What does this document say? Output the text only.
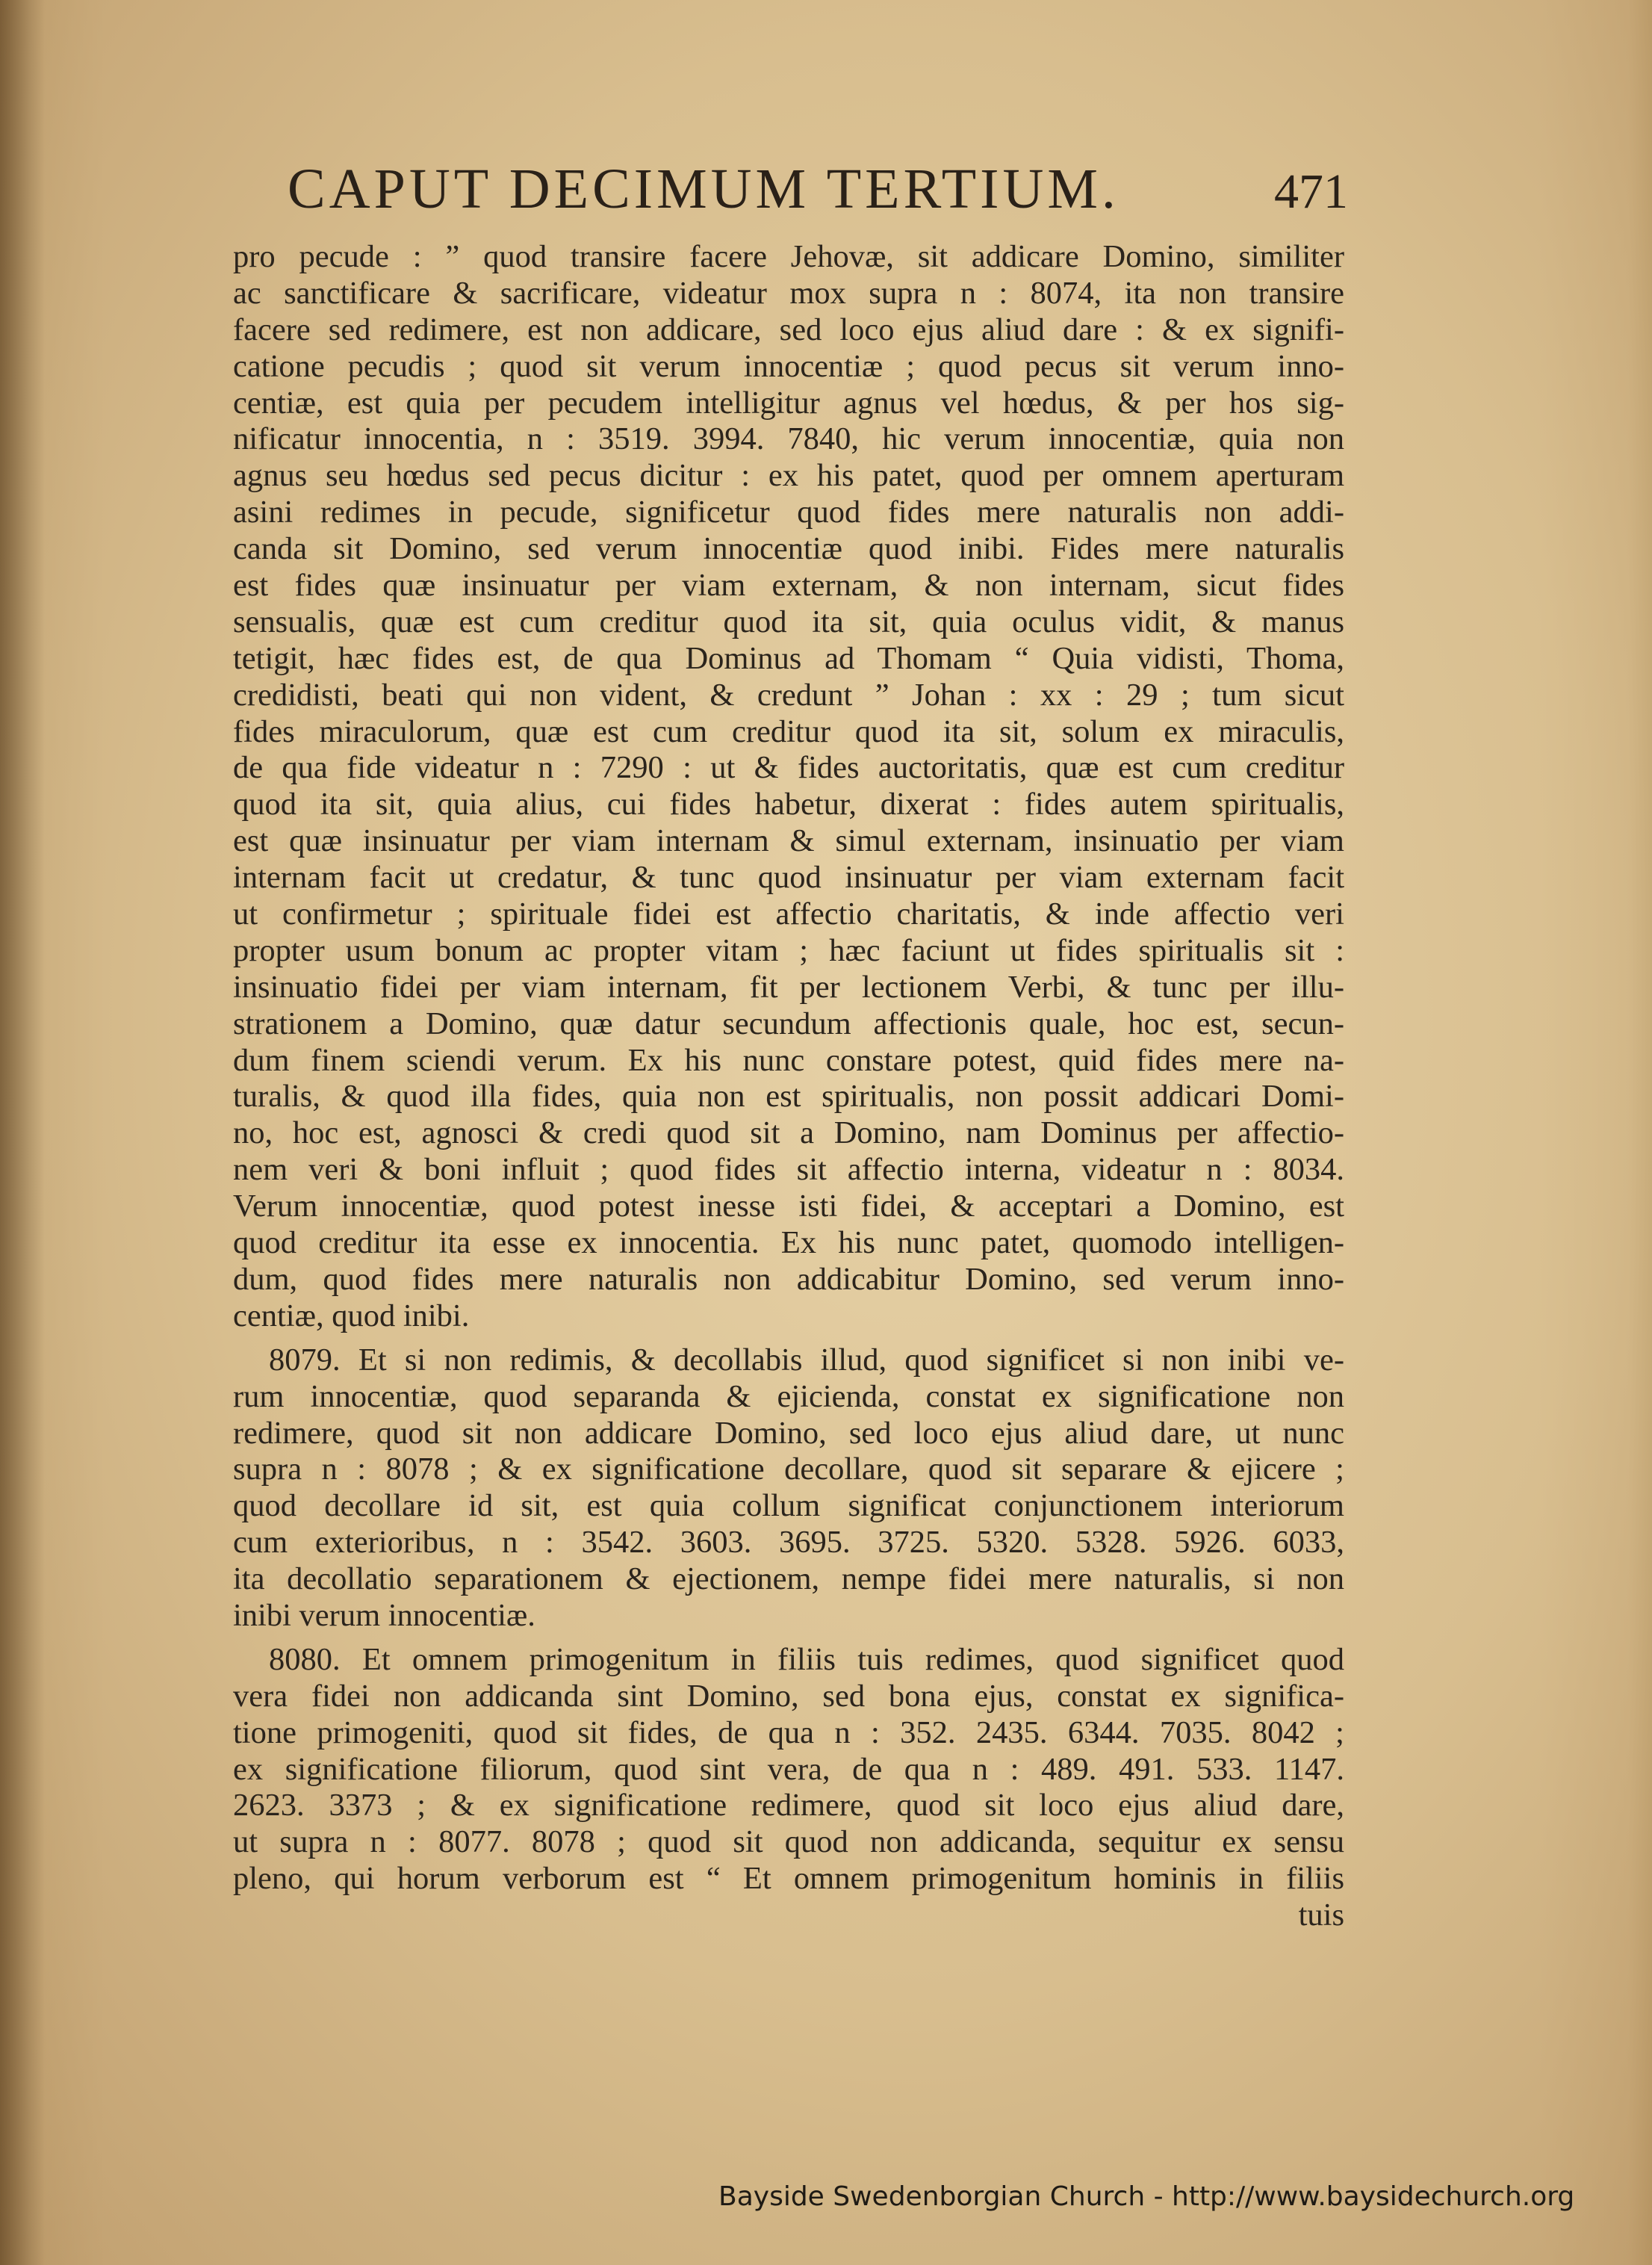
CAPUT DECIMUM TERTIUM.	471
pro pecude : ” quod transire facere Jehovæ, sit addicare Domino, similiter
ac sanctificare & sacrificare, videatur mox supra n : 8074, ita non transire
facere sed redimere, est non addicare, sed loco ejus aliud dare : & ex signifi-
catione pecudis ; quod sit verum innocentiæ ; quod pecus sit verum inno-
centiæ, est quia per pecudem intelligitur agnus vel hœdus, & per hos sig-
nificatur innocentia, n : 3519. 3994. 7840, hic verum innocentiæ, quia non
agnus seu hœdus sed pecus dicitur : ex his patet, quod per omnem aperturam
asini redimes in pecude, significetur quod fides mere naturalis non addi-
canda sit Domino, sed verum innocentiæ quod inibi. Fides mere naturalis
est fides quæ insinuatur per viam externam, & non internam, sicut fides
sensualis, quæ est cum creditur quod ita sit, quia oculus vidit, & manus
tetigit, hæc fides est, de qua Dominus ad Thomam “ Quia vidisti, Thoma,
credidisti, beati qui non vident, & credunt ” Johan : xx : 29 ; tum sicut
fides miraculorum, quæ est cum creditur quod ita sit, solum ex miraculis,
de qua fide videatur n : 7290 : ut & fides auctoritatis, quæ est cum creditur
quod ita sit, quia alius, cui fides habetur, dixerat : fides autem spiritualis,
est quæ insinuatur per viam internam & simul externam, insinuatio per viam
internam facit ut credatur, & tunc quod insinuatur per viam externam facit
ut confirmetur ; spirituale fidei est affectio charitatis, & inde affectio veri
propter usum bonum ac propter vitam ; hæc faciunt ut fides spiritualis sit :
insinuatio fidei per viam internam, fit per lectionem Verbi, & tunc per illu-
strationem a Domino, quæ datur secundum affectionis quale, hoc est, secun-
dum finem sciendi verum. Ex his nunc constare potest, quid fides mere na-
turalis, & quod illa fides, quia non est spiritualis, non possit addicari Domi-
no, hoc est, agnosci & credi quod sit a Domino, nam Dominus per affectio-
nem veri & boni influit ; quod fides sit affectio interna, videatur n : 8034.
Verum innocentiæ, quod potest inesse isti fidei, & acceptari a Domino, est
quod creditur ita esse ex innocentia. Ex his nunc patet, quomodo intelligen-
dum, quod fides mere naturalis non addicabitur Domino, sed verum inno-
centiæ, quod inibi.
8079. Et si non redimis, & decollabis illud, quod significet si non inibi ve-
rum innocentiæ, quod separanda & ejicienda, constat ex significatione non
redimere, quod sit non addicare Domino, sed loco ejus aliud dare, ut nunc
supra n : 8078 ; & ex significatione decollare, quod sit separare & ejicere ;
quod decollare id sit, est quia collum significat conjunctionem interiorum
cum exterioribus, n : 3542. 3603. 3695. 3725. 5320. 5328. 5926. 6033,
ita decollatio separationem & ejectionem, nempe fidei mere naturalis, si non
inibi verum innocentiæ.
8080. Et omnem primogenitum in filiis tuis redimes, quod significet quod
vera fidei non addicanda sint Domino, sed bona ejus, constat ex significa-
tione primogeniti, quod sit fides, de qua n : 352. 2435. 6344. 7035. 8042 ;
ex significatione filiorum, quod sint vera, de qua n : 489. 491. 533. 1147.
2623. 3373 ; & ex significatione redimere, quod sit loco ejus aliud dare,
ut supra n : 8077. 8078 ; quod sit quod non addicanda, sequitur ex sensu
pleno, qui horum verborum est “ Et omnem primogenitum hominis in filiis
tuis
Bayside Swedenborgian Church - http://www.baysidechurch.org
